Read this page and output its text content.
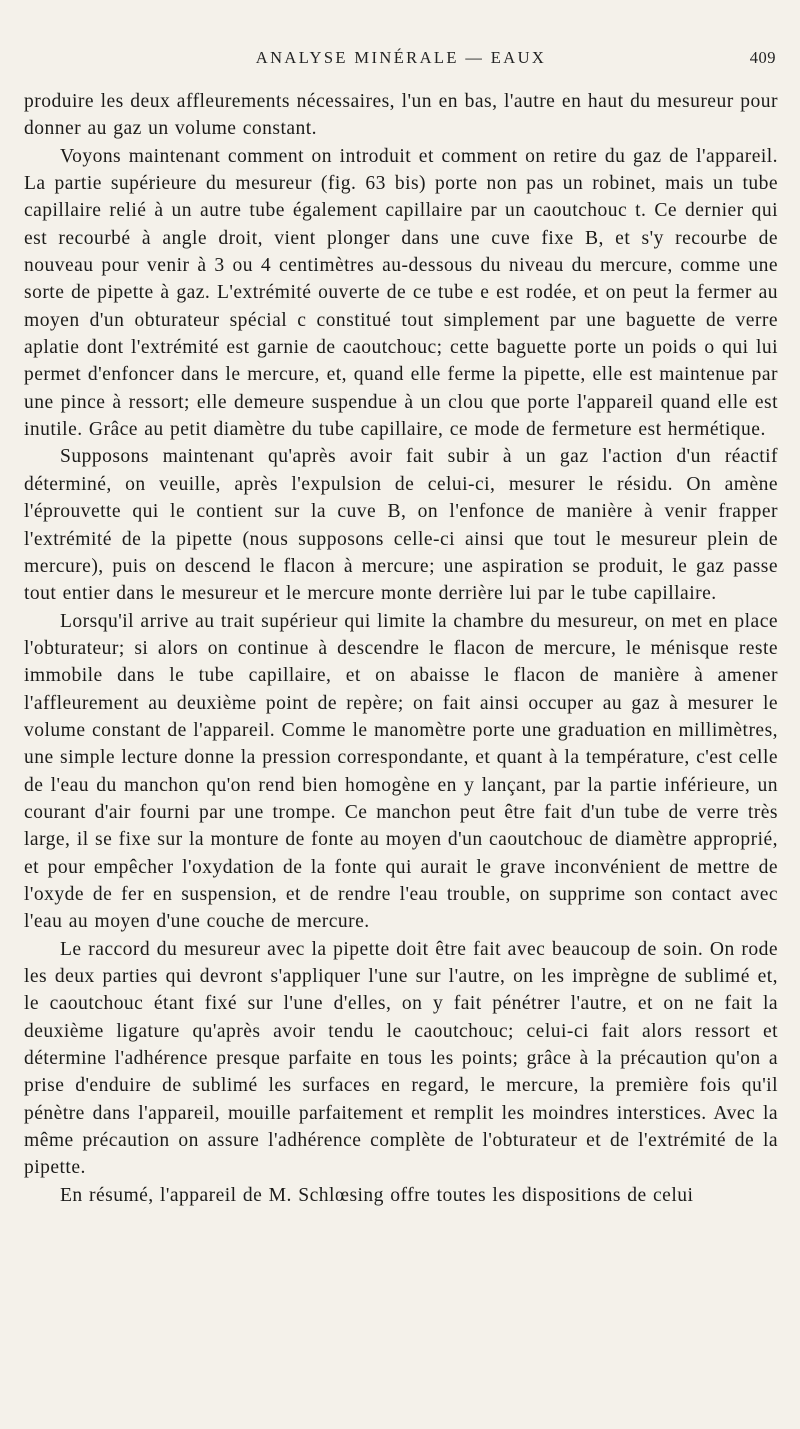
ANALYSE MINÉRALE — EAUX	409

produire les deux affleurements nécessaires, l'un en bas, l'autre en haut du mesureur pour donner au gaz un volume constant.

Voyons maintenant comment on introduit et comment on retire du gaz de l'appareil. La partie supérieure du mesureur (fig. 63 bis) porte non pas un robinet, mais un tube capillaire relié à un autre tube également capillaire par un caoutchouc t. Ce dernier qui est recourbé à angle droit, vient plonger dans une cuve fixe B, et s'y recourbe de nouveau pour venir à 3 ou 4 centimètres au-dessous du niveau du mercure, comme une sorte de pipette à gaz. L'extrémité ouverte de ce tube e est rodée, et on peut la fermer au moyen d'un obturateur spécial c constitué tout simplement par une baguette de verre aplatie dont l'extrémité est garnie de caoutchouc; cette baguette porte un poids o qui lui permet d'enfoncer dans le mercure, et, quand elle ferme la pipette, elle est maintenue par une pince à ressort; elle demeure suspendue à un clou que porte l'appareil quand elle est inutile. Grâce au petit diamètre du tube capillaire, ce mode de fermeture est hermétique.

Supposons maintenant qu'après avoir fait subir à un gaz l'action d'un réactif déterminé, on veuille, après l'expulsion de celui-ci, mesurer le résidu. On amène l'éprouvette qui le contient sur la cuve B, on l'enfonce de manière à venir frapper l'extrémité de la pipette (nous supposons celle-ci ainsi que tout le mesureur plein de mercure), puis on descend le flacon à mercure; une aspiration se produit, le gaz passe tout entier dans le mesureur et le mercure monte derrière lui par le tube capillaire.

Lorsqu'il arrive au trait supérieur qui limite la chambre du mesureur, on met en place l'obturateur; si alors on continue à descendre le flacon de mercure, le ménisque reste immobile dans le tube capillaire, et on abaisse le flacon de manière à amener l'affleurement au deuxième point de repère; on fait ainsi occuper au gaz à mesurer le volume constant de l'appareil. Comme le manomètre porte une graduation en millimètres, une simple lecture donne la pression correspondante, et quant à la température, c'est celle de l'eau du manchon qu'on rend bien homogène en y lançant, par la partie inférieure, un courant d'air fourni par une trompe. Ce manchon peut être fait d'un tube de verre très large, il se fixe sur la monture de fonte au moyen d'un caoutchouc de diamètre approprié, et pour empêcher l'oxydation de la fonte qui aurait le grave inconvénient de mettre de l'oxyde de fer en suspension, et de rendre l'eau trouble, on supprime son contact avec l'eau au moyen d'une couche de mercure.

Le raccord du mesureur avec la pipette doit être fait avec beaucoup de soin. On rode les deux parties qui devront s'appliquer l'une sur l'autre, on les imprègne de sublimé et, le caoutchouc étant fixé sur l'une d'elles, on y fait pénétrer l'autre, et on ne fait la deuxième ligature qu'après avoir tendu le caoutchouc; celui-ci fait alors ressort et détermine l'adhérence presque parfaite en tous les points; grâce à la précaution qu'on a prise d'enduire de sublimé les surfaces en regard, le mercure, la première fois qu'il pénètre dans l'appareil, mouille parfaitement et remplit les moindres interstices. Avec la même précaution on assure l'adhérence complète de l'obturateur et de l'extrémité de la pipette.

En résumé, l'appareil de M. Schlœsing offre toutes les dispositions de celui
